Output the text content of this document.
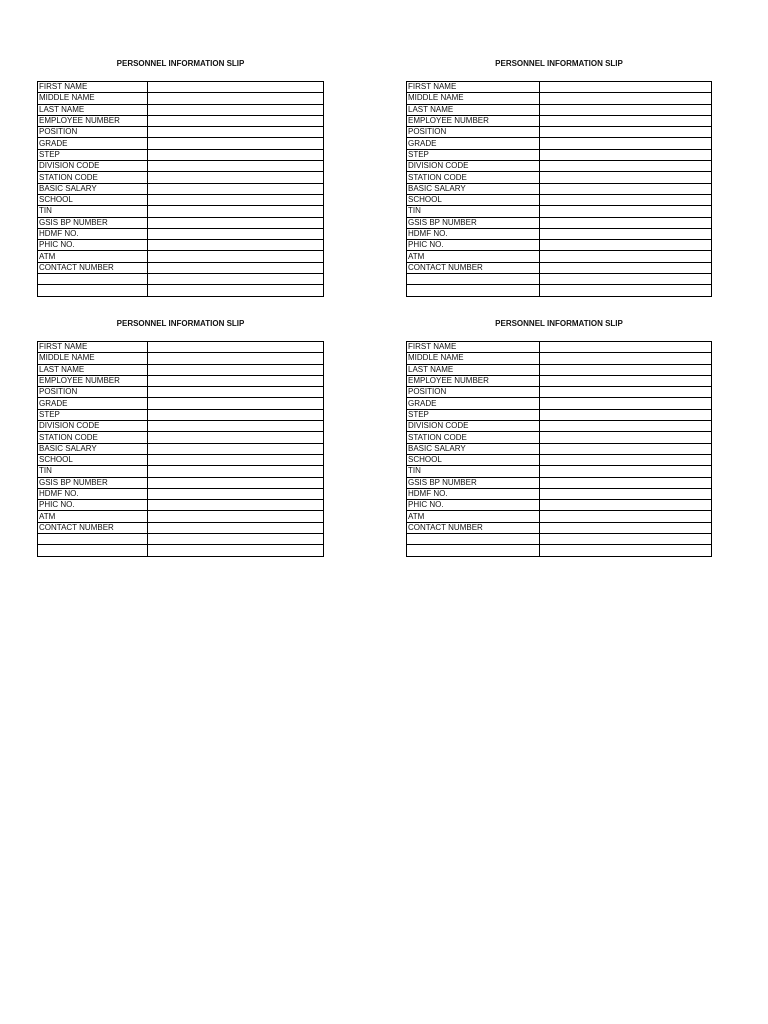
PERSONNEL INFORMATION SLIP
FIRST NAME	
MIDDLE NAME	
LAST NAME	
EMPLOYEE NUMBER	
POSITION	
GRADE	
STEP	
DIVISION CODE	
STATION CODE	
BASIC SALARY	
SCHOOL	
TIN	
GSIS BP NUMBER	
HDMF NO.	
PHIC NO.	
ATM	
CONTACT NUMBER	

PERSONNEL INFORMATION SLIP
FIRST NAME	
MIDDLE NAME	
LAST NAME	
EMPLOYEE NUMBER	
POSITION	
GRADE	
STEP	
DIVISION CODE	
STATION CODE	
BASIC SALARY	
SCHOOL	
TIN	
GSIS BP NUMBER	
HDMF NO.	
PHIC NO.	
ATM	
CONTACT NUMBER	

PERSONNEL INFORMATION SLIP
FIRST NAME	
MIDDLE NAME	
LAST NAME	
EMPLOYEE NUMBER	
POSITION	
GRADE	
STEP	
DIVISION CODE	
STATION CODE	
BASIC SALARY	
SCHOOL	
TIN	
GSIS BP NUMBER	
HDMF NO.	
PHIC NO.	
ATM	
CONTACT NUMBER	

PERSONNEL INFORMATION SLIP
FIRST NAME	
MIDDLE NAME	
LAST NAME	
EMPLOYEE NUMBER	
POSITION	
GRADE	
STEP	
DIVISION CODE	
STATION CODE	
BASIC SALARY	
SCHOOL	
TIN	
GSIS BP NUMBER	
HDMF NO.	
PHIC NO.	
ATM	
CONTACT NUMBER	
